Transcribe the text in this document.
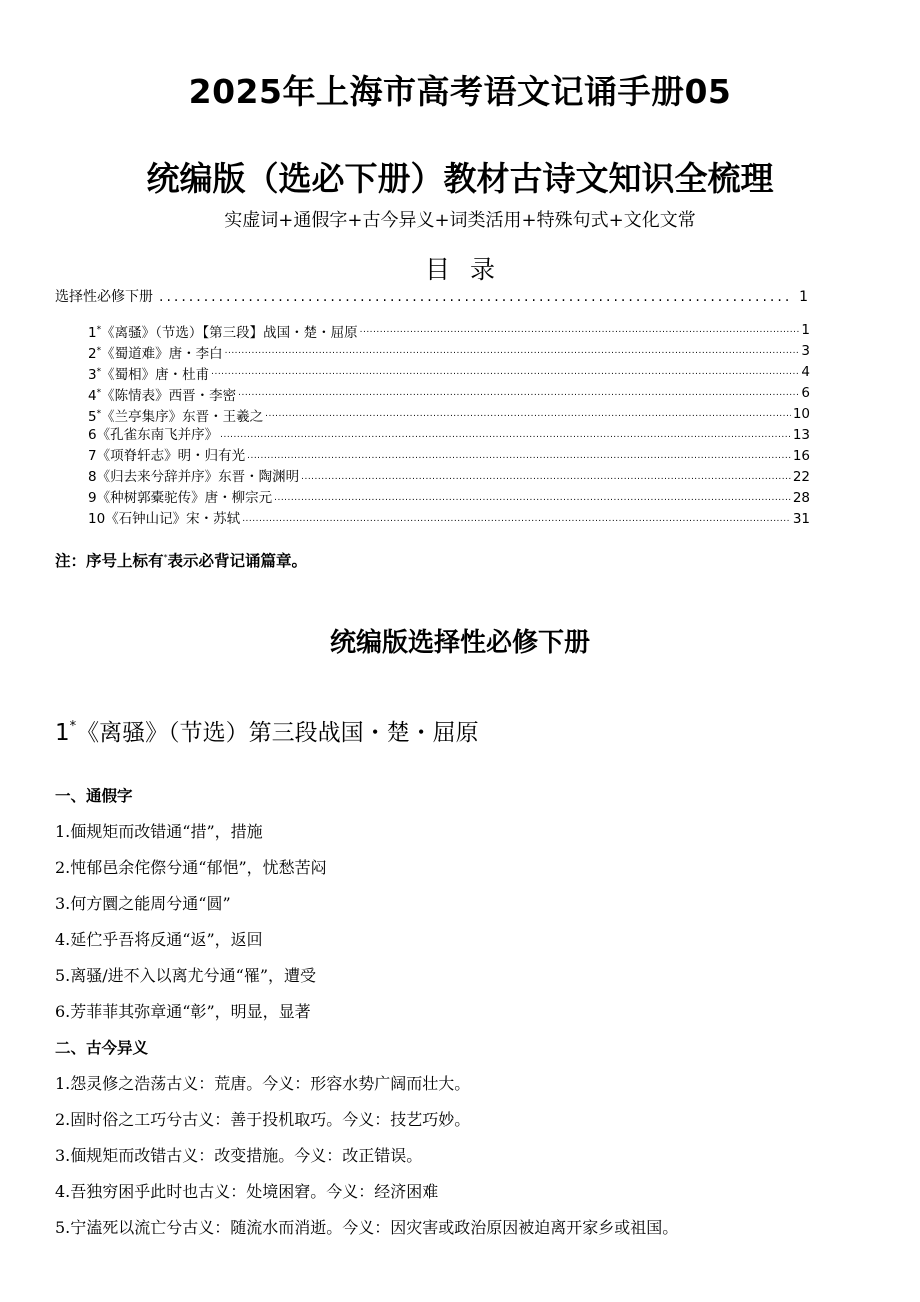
2025年上海市高考语文记诵手册05
统编版（选必下册）教材古诗文知识全梳理
实虚词+通假字+古今异义+词类活用+特殊句式+文化文常
目录
选择性必修下册 .....	1
1*《离骚》（节选）【第三段】战国・楚・屈原 .....	1
2*《蜀道难》唐・李白 .....	3
3*《蜀相》唐・杜甫 .....	4
4*《陈情表》西晋・李密 .....	6
5*《兰亭集序》东晋・王羲之 .....	10
6《孔雀东南飞并序》 .....	13
7《项脊轩志》明・归有光 .....	16
8《归去来兮辞并序》东晋・陶渊明 .....	22
9《种树郭橐驼传》唐・柳宗元 .....	28
10《石钟山记》宋・苏轼 .....	31
注：序号上标有*表示必背记诵篇章。
统编版选择性必修下册
1*《离骚》（节选）第三段战国・楚・屈原
一、通假字
1.偭规矩而改错通“措”，措施
2.忳郁邑余侘傺兮通“郁悒”，忧愁苦闷
3.何方圜之能周兮通“圆”
4.延伫乎吾将反通“返”，返回
5.离骚/进不入以离尤兮通“罹”，遭受
6.芳菲菲其弥章通“彰”，明显，显著
二、古今异义
1.怨灵修之浩荡古义：荒唐。今义：形容水势广阔而壮大。
2.固时俗之工巧兮古义：善于投机取巧。今义：技艺巧妙。
3.偭规矩而改错古义：改变措施。今义：改正错误。
4.吾独穷困乎此时也古义：处境困窘。今义：经济困难
5.宁溘死以流亡兮古义：随流水而消逝。今义：因灾害或政治原因被迫离开家乡或祖国。
